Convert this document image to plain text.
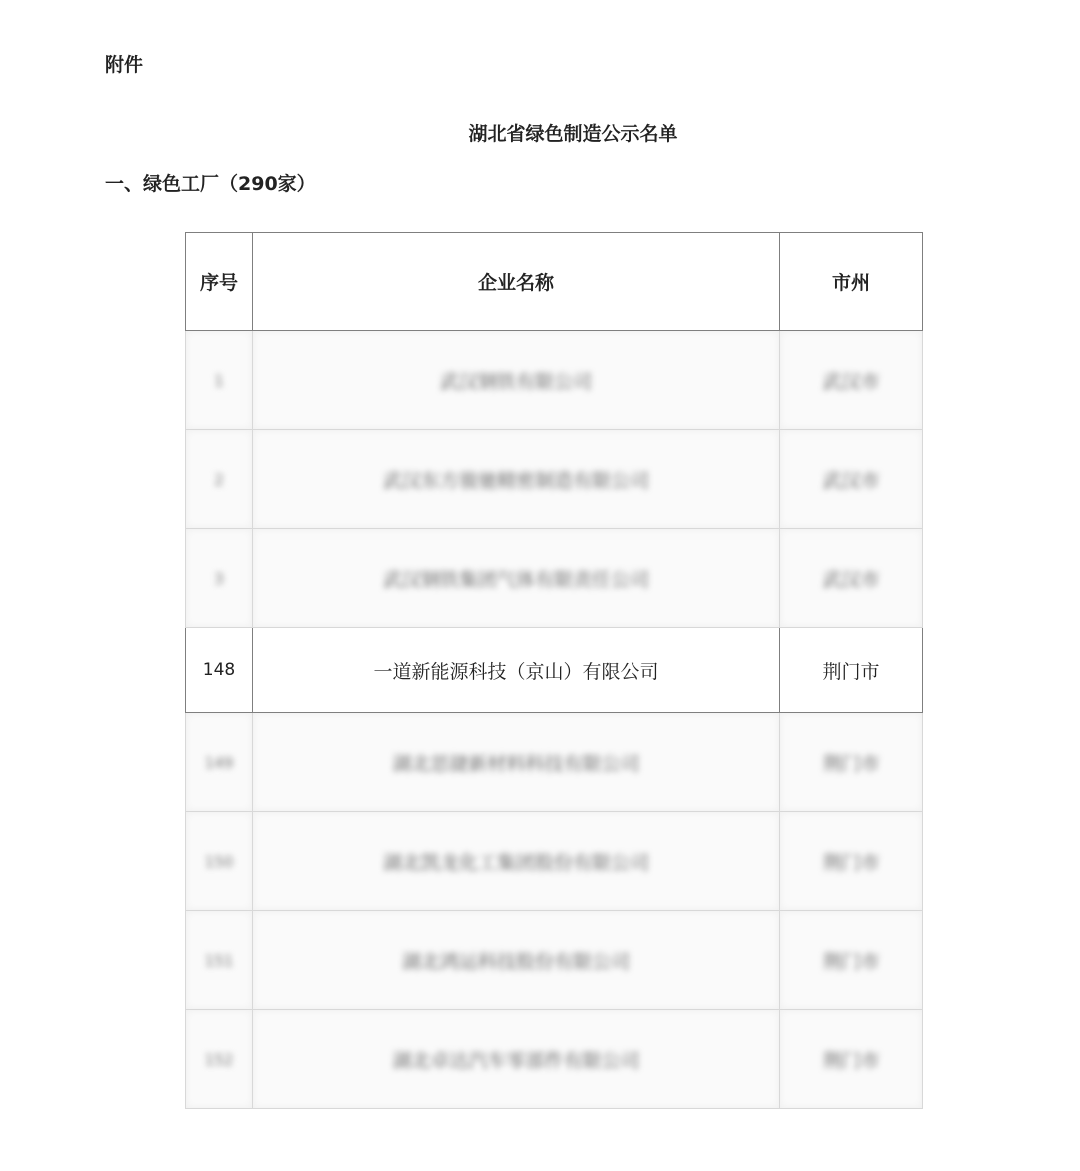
附件
湖北省绿色制造公示名单
一、绿色工厂（290家）
序号	企业名称	市州
1	武汉钢铁有限公司	武汉市
2	武汉东方骏驰精密制造有限公司	武汉市
3	武汉钢铁集团气体有限责任公司	武汉市
148	一道新能源科技（京山）有限公司	荆门市
149	湖北思捷新材料科技有限公司	荆门市
150	湖北凯龙化工集团股份有限公司	荆门市
151	湖北鸿运科技股份有限公司	荆门市
152	湖北卓达汽车零部件有限公司	荆门市
